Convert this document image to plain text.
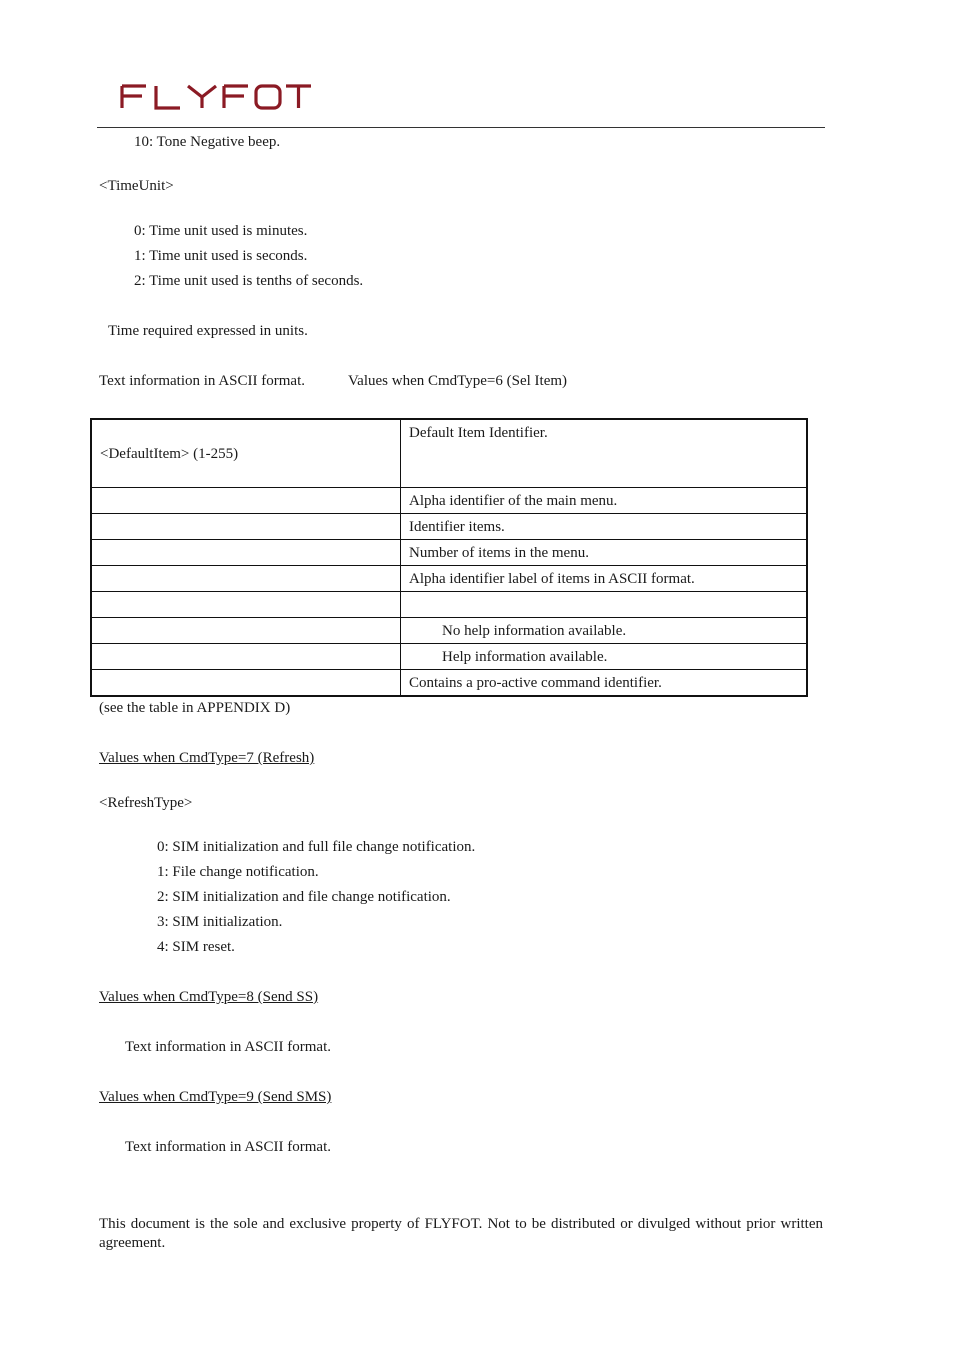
10: Tone Negative beep.
<TimeUnit>
0: Time unit used is minutes.
1: Time unit used is seconds.
2: Time unit used is tenths of seconds.
Time required expressed in units.
Text information in ASCII format.	Values when CmdType=6 (Sel Item)
<DefaultItem> (1-255)	Default Item Identifier.
	Alpha identifier of the main menu.
	Identifier items.
	Number of items in the menu.
	Alpha identifier label of items in ASCII format.

	No help information available.
	Help information available.
	Contains a pro-active command identifier.
(see the table in APPENDIX D)
Values when CmdType=7 (Refresh)
<RefreshType>
0: SIM initialization and full file change notification.
1: File change notification.
2: SIM initialization and file change notification.
3: SIM initialization.
4: SIM reset.
Values when CmdType=8 (Send SS)
Text information in ASCII format.
Values when CmdType=9 (Send SMS)
Text information in ASCII format.
This document is the sole and exclusive property of FLYFOT. Not to be distributed or divulged without prior written agreement.
